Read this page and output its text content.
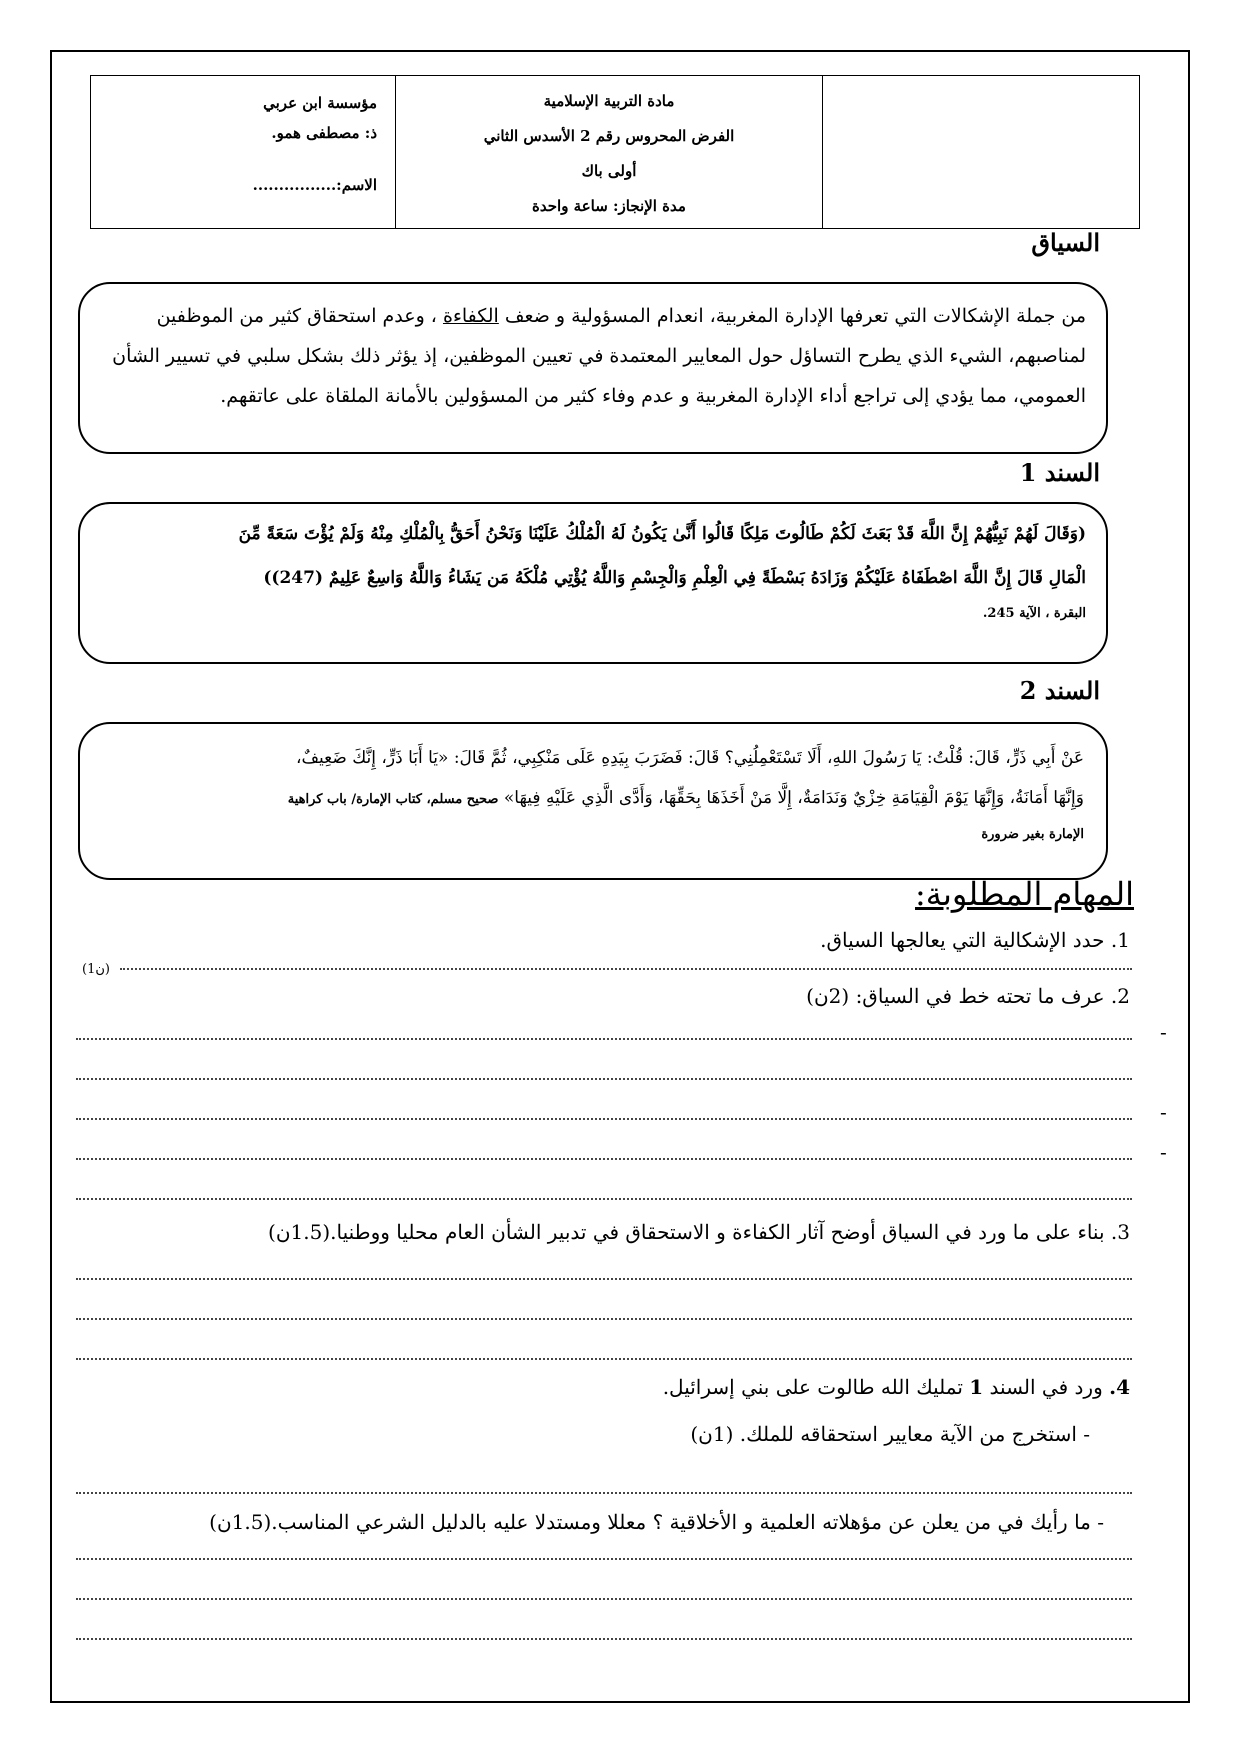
مؤسسة ابن عربي
ذ: مصطفى همو.
الاسم:................

مادة التربية الإسلامية
الفرض المحروس رقم 2 الأسدس الثاني
أولى باك
مدة الإنجاز: ساعة واحدة

السياق

من جملة الإشكالات التي تعرفها الإدارة المغربية، انعدام المسؤولية و ضعف الكفاءة ، وعدم استحقاق كثير من الموظفين

لمناصبهم، الشيء الذي يطرح التساؤل حول المعايير المعتمدة في تعيين الموظفين، إذ يؤثر ذلك بشكل سلبي في تسيير الشأن

العمومي، مما يؤدي إلى تراجع أداء الإدارة المغربية و عدم وفاء كثير من المسؤولين بالأمانة الملقاة على عاتقهم.

السند 1

(وَقَالَ لَهُمْ نَبِيُّهُمْ إِنَّ اللَّهَ قَدْ بَعَثَ لَكُمْ طَالُوتَ مَلِكًا قَالُوا أَنَّىٰ يَكُونُ لَهُ الْمُلْكُ عَلَيْنَا وَنَحْنُ أَحَقُّ بِالْمُلْكِ مِنْهُ وَلَمْ يُؤْتَ سَعَةً مِّنَ

الْمَالِ قَالَ إِنَّ اللَّهَ اصْطَفَاهُ عَلَيْكُمْ وَزَادَهُ بَسْطَةً فِي الْعِلْمِ وَالْجِسْمِ وَاللَّهُ يُؤْتِي مُلْكَهُ مَن يَشَاءُ وَاللَّهُ وَاسِعٌ عَلِيمٌ (247))

البقرة ، الآية 245.

السند 2

عَنْ أَبِي ذَرٍّ، قَالَ: قُلْتُ: يَا رَسُولَ اللهِ، أَلَا تَسْتَعْمِلُنِي؟ قَالَ: فَضَرَبَ بِيَدِهِ عَلَى مَنْكِبِي، ثُمَّ قَالَ: «يَا أَبَا ذَرٍّ، إِنَّكَ ضَعِيفٌ،

وَإِنَّهَا أَمَانَةُ، وَإِنَّهَا يَوْمَ الْقِيَامَةِ خِزْيٌ وَنَدَامَةٌ، إِلَّا مَنْ أَخَذَهَا بِحَقِّهَا، وَأَدَّى الَّذِي عَلَيْهِ فِيهَا» صحيح مسلم، كتاب الإمارة/ باب كراهية

الإمارة بغير ضرورة

المهام المطلوبة:
1. حدد الإشكالية التي يعالجها السياق.
(1ن)
2. عرف ما تحته خط في السياق: (2ن)
-
-
-
3. بناء على ما ورد في السياق أوضح آثار الكفاءة و الاستحقاق في تدبير الشأن العام محليا ووطنيا.(1.5ن)
4. ورد في السند 1 تمليك الله طالوت على بني إسرائيل.
- استخرج من الآية معايير استحقاقه للملك. (1ن)
- ما رأيك في من يعلن عن مؤهلاته العلمية و الأخلاقية ؟ معللا ومستدلا عليه بالدليل الشرعي المناسب.(1.5ن)
